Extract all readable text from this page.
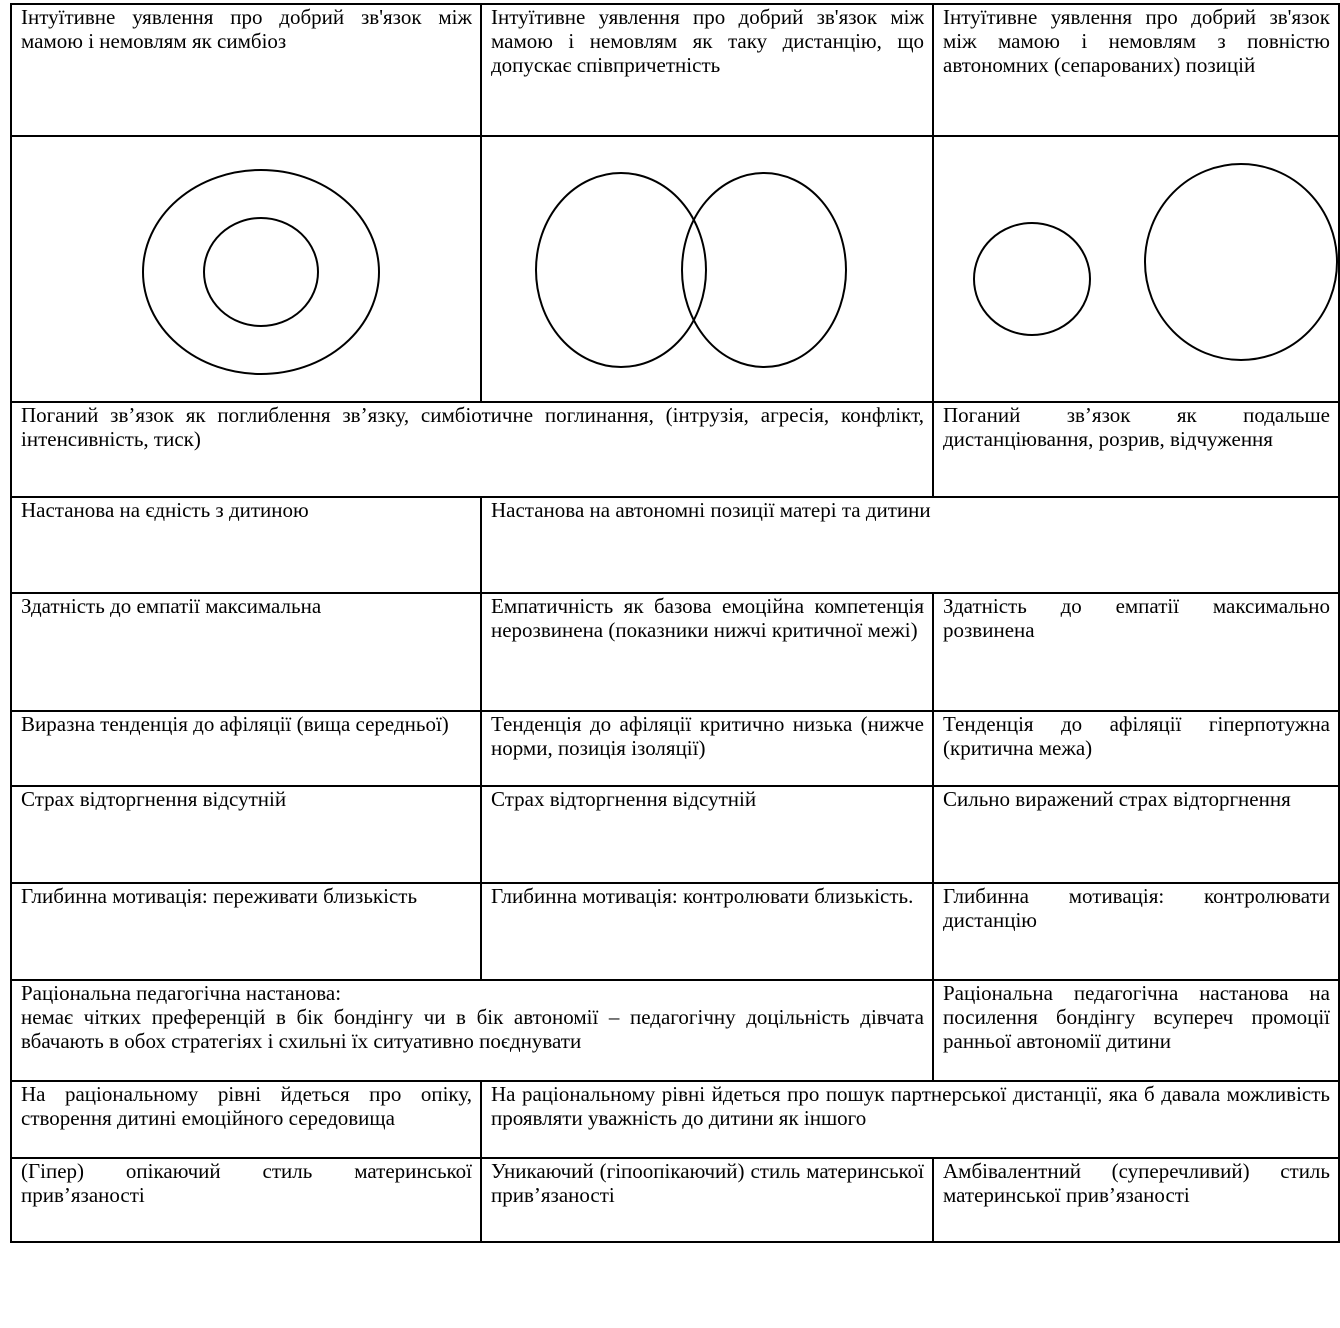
Інтуїтивне уявлення про добрий зв'язок між мамою і немовлям як симбіоз	Інтуїтивне уявлення про добрий зв'язок між мамою і немовлям як таку дистанцію, що допускає співпричетність	Інтуїтивне уявлення про добрий зв'язок між мамою і немовлям з повністю автономних (сепарованих) позицій

Поганий зв’язок як поглиблення зв’язку, симбіотичне поглинання, (інтрузія, агресія, конфлікт, інтенсивність, тиск)		Поганий зв’язок як подальше дистанціювання, розрив, відчуження
Настанова на єдність з дитиною	Настанова на автономні позиції матері та дитини	
Здатність до емпатії максимальна	Емпатичність як базова емоційна компетенція нерозвинена (показники нижчі критичної межі)	Здатність до емпатії максимально розвинена
Виразна тенденція до афіляції (вища середньої)	Тенденція до афіляції критично низька (нижче норми, позиція ізоляції)	Тенденція до афіляції гіперпотужна (критична межа)
Страх відторгнення відсутній	Страх відторгнення відсутній	Сильно виражений страх відторгнення
Глибинна мотивація: переживати близькість	Глибинна мотивація: контролювати близькість.	Глибинна мотивація: контролювати дистанцію
Раціональна педагогічна настанова:
немає чітких преференцій в бік бондінгу чи в бік автономії – педагогічну доцільність дівчата вбачають в обох стратегіях і схильні їх ситуативно поєднувати		Раціональна педагогічна настанова на посилення бондінгу всупереч промоції ранньої автономії дитини
На раціональному рівні йдеться про опіку, створення дитині емоційного середовища	На раціональному рівні йдеться про пошук партнерської дистанції, яка б давала можливість проявляти уважність до дитини як іншого	
(Гіпер) опікаючий стиль материнської прив’язаності	Уникаючий (гіпоопікаючий) стиль материнської прив’язаності	Амбівалентний (суперечливий) стиль материнської прив’язаності
